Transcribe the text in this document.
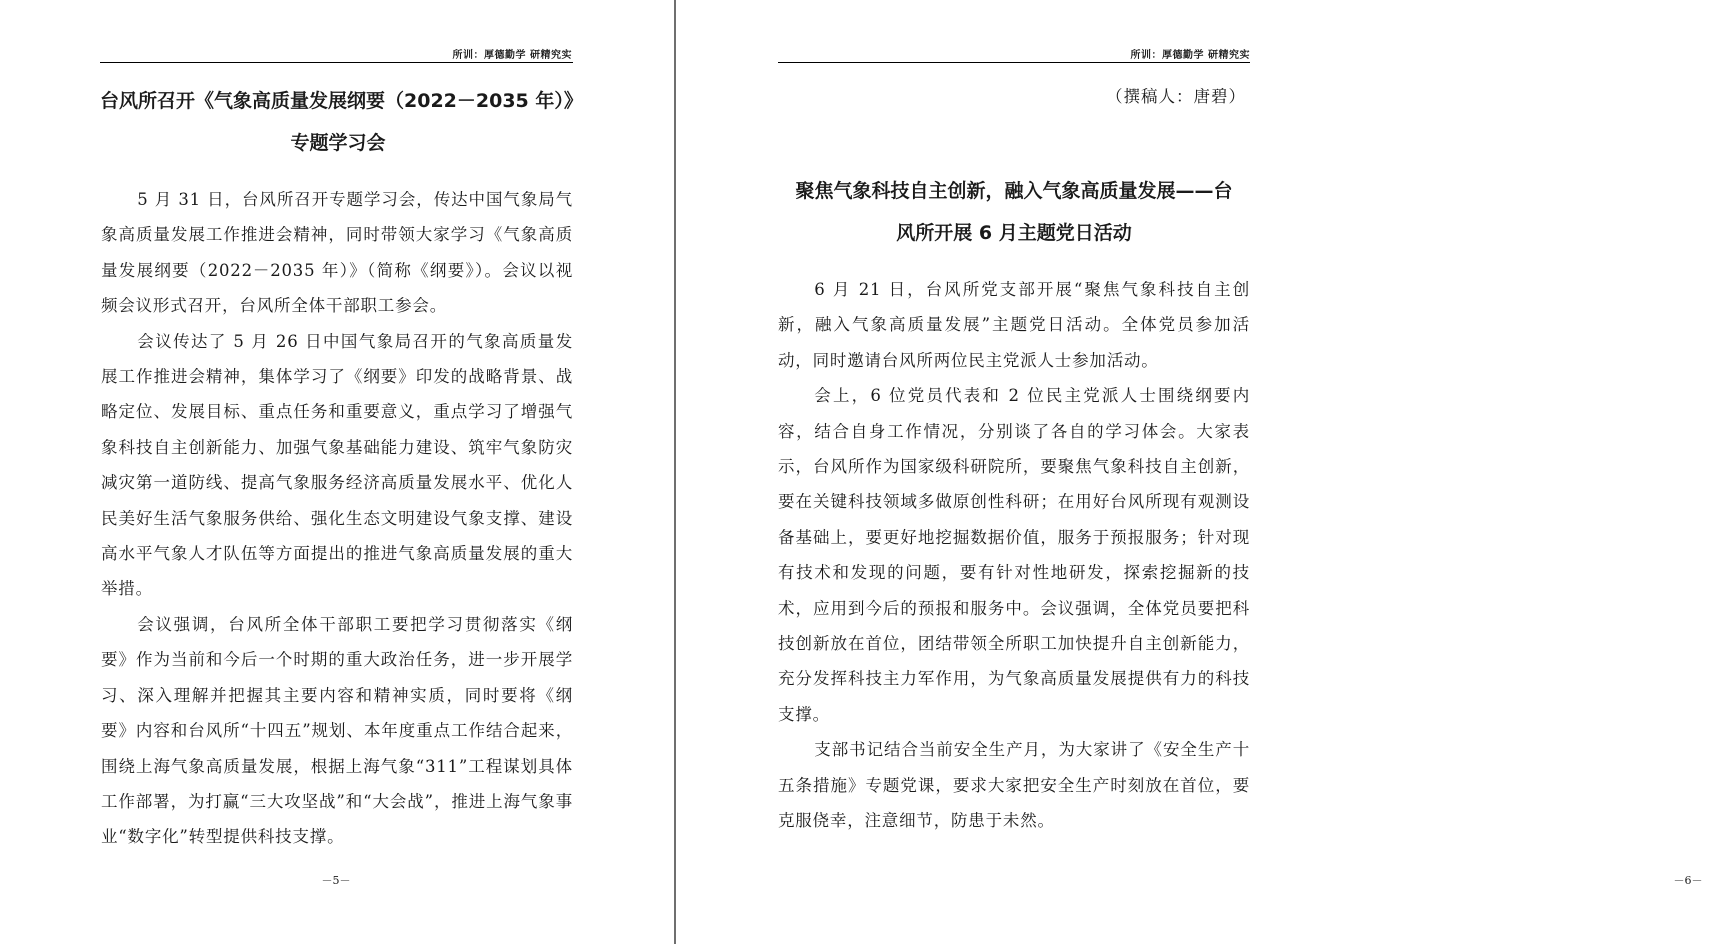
所训：厚德勤学 研精究实
台风所召开《气象高质量发展纲要（2022－2035 年）》
专题学习会

5 月 31 日，台风所召开专题学习会，传达中国气象局气象高质量发展工作推进会精神，同时带领大家学习《气象高质量发展纲要（2022－2035 年）》（简称《纲要》）。会议以视频会议形式召开，台风所全体干部职工参会。

会议传达了 5 月 26 日中国气象局召开的气象高质量发展工作推进会精神，集体学习了《纲要》印发的战略背景、战略定位、发展目标、重点任务和重要意义，重点学习了增强气象科技自主创新能力、加强气象基础能力建设、筑牢气象防灾减灾第一道防线、提高气象服务经济高质量发展水平、优化人民美好生活气象服务供给、强化生态文明建设气象支撑、建设高水平气象人才队伍等方面提出的推进气象高质量发展的重大举措。

会议强调，台风所全体干部职工要把学习贯彻落实《纲要》作为当前和今后一个时期的重大政治任务，进一步开展学习、深入理解并把握其主要内容和精神实质，同时要将《纲要》内容和台风所“十四五”规划、本年度重点工作结合起来，围绕上海气象高质量发展，根据上海气象“311”工程谋划具体工作部署，为打赢“三大攻坚战”和“大会战”，推进上海气象事业“数字化”转型提供科技支撑。

－5－
所训：厚德勤学 研精究实
（撰稿人：唐碧）
聚焦气象科技自主创新，融入气象高质量发展——台
风所开展 6 月主题党日活动

6 月 21 日，台风所党支部开展“聚焦气象科技自主创新，融入气象高质量发展”主题党日活动。全体党员参加活动，同时邀请台风所两位民主党派人士参加活动。

会上，6 位党员代表和 2 位民主党派人士围绕纲要内容，结合自身工作情况，分别谈了各自的学习体会。大家表示，台风所作为国家级科研院所，要聚焦气象科技自主创新，要在关键科技领域多做原创性科研；在用好台风所现有观测设备基础上，要更好地挖掘数据价值，服务于预报服务；针对现有技术和发现的问题，要有针对性地研发，探索挖掘新的技术，应用到今后的预报和服务中。会议强调，全体党员要把科技创新放在首位，团结带领全所职工加快提升自主创新能力，充分发挥科技主力军作用，为气象高质量发展提供有力的科技支撑。

支部书记结合当前安全生产月，为大家讲了《安全生产十五条措施》专题党课，要求大家把安全生产时刻放在首位，要克服侥幸，注意细节，防患于未然。

－6－
